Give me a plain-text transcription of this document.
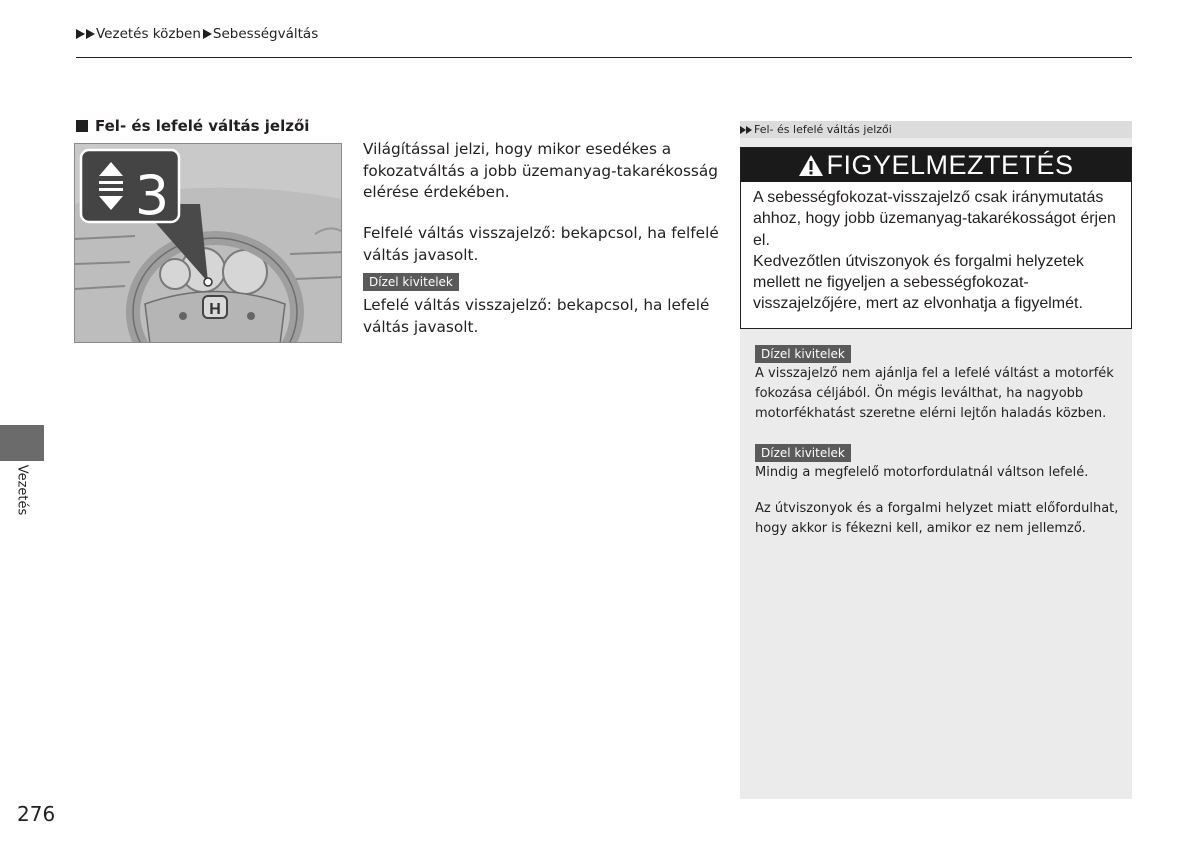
Vezetés közben Sebességváltás
Fel- és lefelé váltás jelzői
H
3
Világítással jelzi, hogy mikor esedékes a fokozatváltás a jobb üzemanyag-takarékosság elérése érdekében.
Felfelé váltás visszajelző: bekapcsol, ha felfelé váltás javasolt.
Dízel kivitelek
Lefelé váltás visszajelző: bekapcsol, ha lefelé váltás javasolt.
Fel- és lefelé váltás jelzői
FIGYELMEZTETÉS
A sebességfokozat-visszajelző csak iránymutatás ahhoz, hogy jobb üzemanyag-takarékosságot érjen el.
Kedvezőtlen útviszonyok és forgalmi helyzetek mellett ne figyeljen a sebességfokozat-visszajelzőjére, mert az elvonhatja a figyelmét.
Dízel kivitelek
A visszajelző nem ajánlja fel a lefelé váltást a motorfék fokozása céljából. Ön mégis leválthat, ha nagyobb motorfékhatást szeretne elérni lejtőn haladás közben.
Dízel kivitelek
Mindig a megfelelő motorfordulatnál váltson lefelé.
Az útviszonyok és a forgalmi helyzet miatt előfordulhat, hogy akkor is fékezni kell, amikor ez nem jellemző.
Vezetés
276
